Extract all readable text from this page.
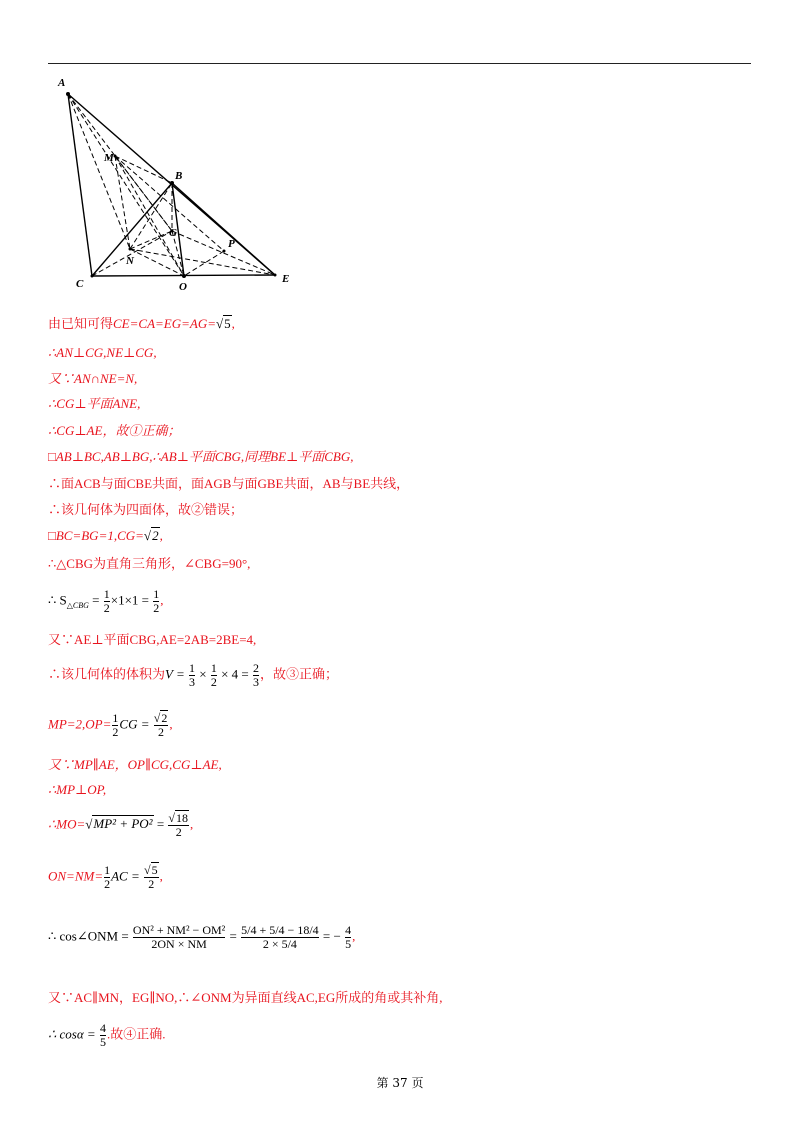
A
M
B
G
N
P
C	O
E
由已知可得CE=CA=EG=AG=√5,
∴AN⊥CG,NE⊥CG,
又∵AN∩NE=N,
∴CG⊥平面ANE,
∴CG⊥AE，故①正确；
□AB⊥BC,AB⊥BG,∴AB⊥平面CBG,同理BE⊥平面CBG,
∴面ACB与面CBE共面，面AGB与面GBE共面，AB与BE共线，
∴该几何体为四面体，故②错误；
□BC=BG=1,CG=√2,
∴△CBG为直角三角形，∠CBG=90°,
∴ $S_{\triangle CBG} = \frac{1}{2} \times 1\times 1 = \frac{1}{2}$ ,
又∵AE⊥平面CBG,AE=2AB=2BE=4,
∴该几何体的体积为$V = \frac{1}{3} \times \frac{1}{2} \times 4 = \frac{2}{3}$ ，故③正确；
$MP=2,OP= \frac{1}{2}$ CG = $\frac{√2}{2}$ ,
又∵MP∥AE，OP∥CG,CG⊥AE,
∴MP⊥OP,
∴MO=√MP² + $PO^2 = \frac{√18}{2}$ ,
$ON=NM= \frac{1}{2}$ AC = $\frac{√5}{2}$ ,
∴ cos∠ONM = $\frac{\text{ON² + NM² − OM²}}{2ON \times NM} = \frac{5/4 + 5/4 - 18/4}{2 \times 5/4}$ = − $\frac{4}{5}$ ,
又∵AC∥MN，EG∥NO,∴∠ONM为异面直线AC,EG所成的角或其补角,
∴ $\cos\alpha = \frac{4}{5}$ .故④正确.
第 37 页
